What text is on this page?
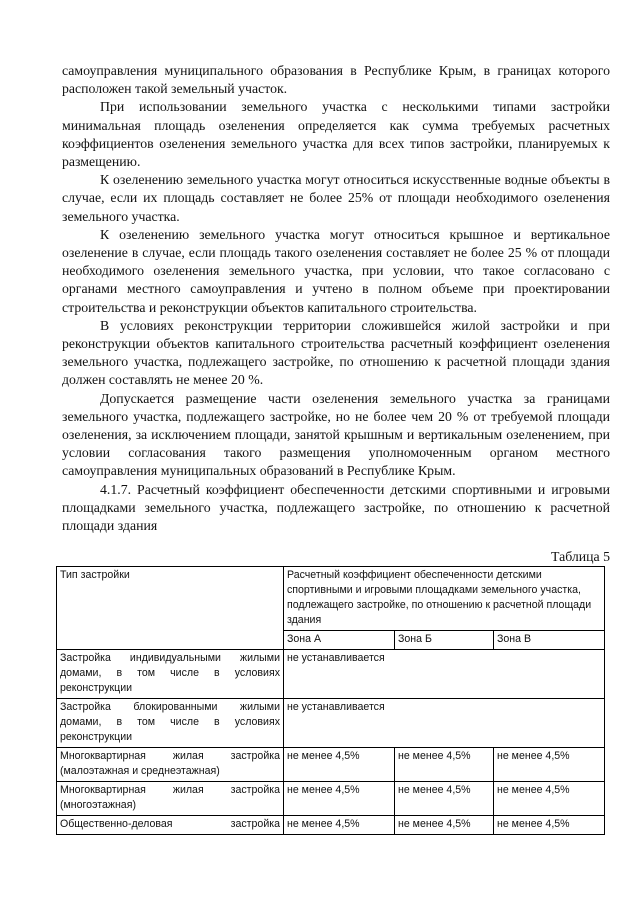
самоуправления муниципального образования в Республике Крым, в границах которого расположен такой земельный участок.

При использовании земельного участка с несколькими типами застройки минимальная площадь озеленения определяется как сумма требуемых расчетных коэффициентов озеленения земельного участка для всех типов застройки, планируемых к размещению.

К озеленению земельного участка могут относиться искусственные водные объекты в случае, если их площадь составляет не более 25% от площади необходимого озеленения земельного участка.

К озеленению земельного участка могут относиться крышное и вертикальное озеленение в случае, если площадь такого озеленения составляет не более 25 % от площади необходимого озеленения земельного участка, при условии, что такое согласовано с органами местного самоуправления и учтено в полном объеме при проектировании строительства и реконструкции объектов капитального строительства.

В условиях реконструкции территории сложившейся жилой застройки и при реконструкции объектов капитального строительства расчетный коэффициент озеленения земельного участка, подлежащего застройке, по отношению к расчетной площади здания должен составлять не менее 20 %.

Допускается размещение части озеленения земельного участка за границами земельного участка, подлежащего застройке, но не более чем 20 % от требуемой площади озеленения, за исключением площади, занятой крышным и вертикальным озеленением, при условии согласования такого размещения уполномоченным органом местного самоуправления муниципальных образований в Республике Крым.

4.1.7. Расчетный коэффициент обеспеченности детскими спортивными и игровыми площадками земельного участка, подлежащего застройке, по отношению к расчетной площади здания

Таблица 5
Тип застройки	Расчетный коэффициент обеспеченности детскими спортивными и игровыми площадками земельного участка, подлежащего застройке, по отношению к расчетной площади здания		
	Зона А	Зона Б	Зона В
Застройка индивидуальными жилыми домами, в том числе в условиях реконструкции	не устанавливается		
Застройка блокированными жилыми домами, в том числе в условиях реконструкции	не устанавливается		
Многоквартирная жилая застройка (малоэтажная и среднеэтажная)	не менее 4,5%	не менее 4,5%	не менее 4,5%
Многоквартирная жилая застройка (многоэтажная)	не менее 4,5%	не менее 4,5%	не менее 4,5%
Общественно-деловая застройка	не менее 4,5%	не менее 4,5%	не менее 4,5%
